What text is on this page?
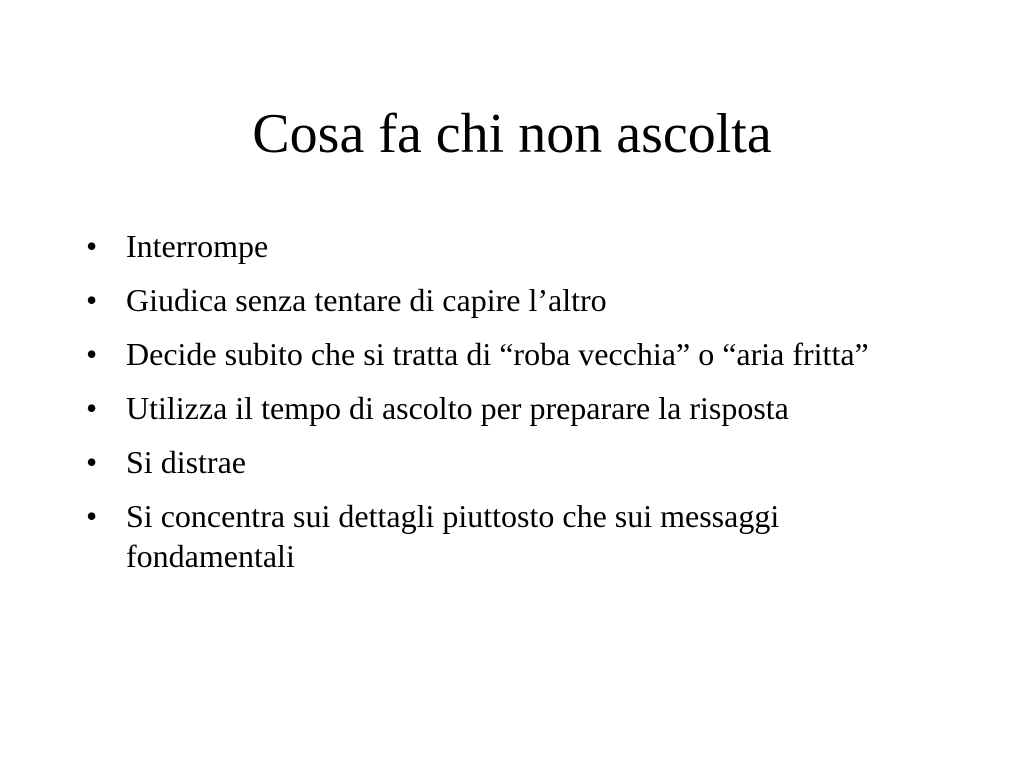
Cosa fa chi non ascolta
• Interrompe
• Giudica senza tentare di capire l’altro
• Decide subito che si tratta di “roba vecchia” o “aria fritta”
• Utilizza il tempo di ascolto per preparare la risposta
• Si distrae
• Si concentra sui dettagli piuttosto che sui messaggi fondamentali
